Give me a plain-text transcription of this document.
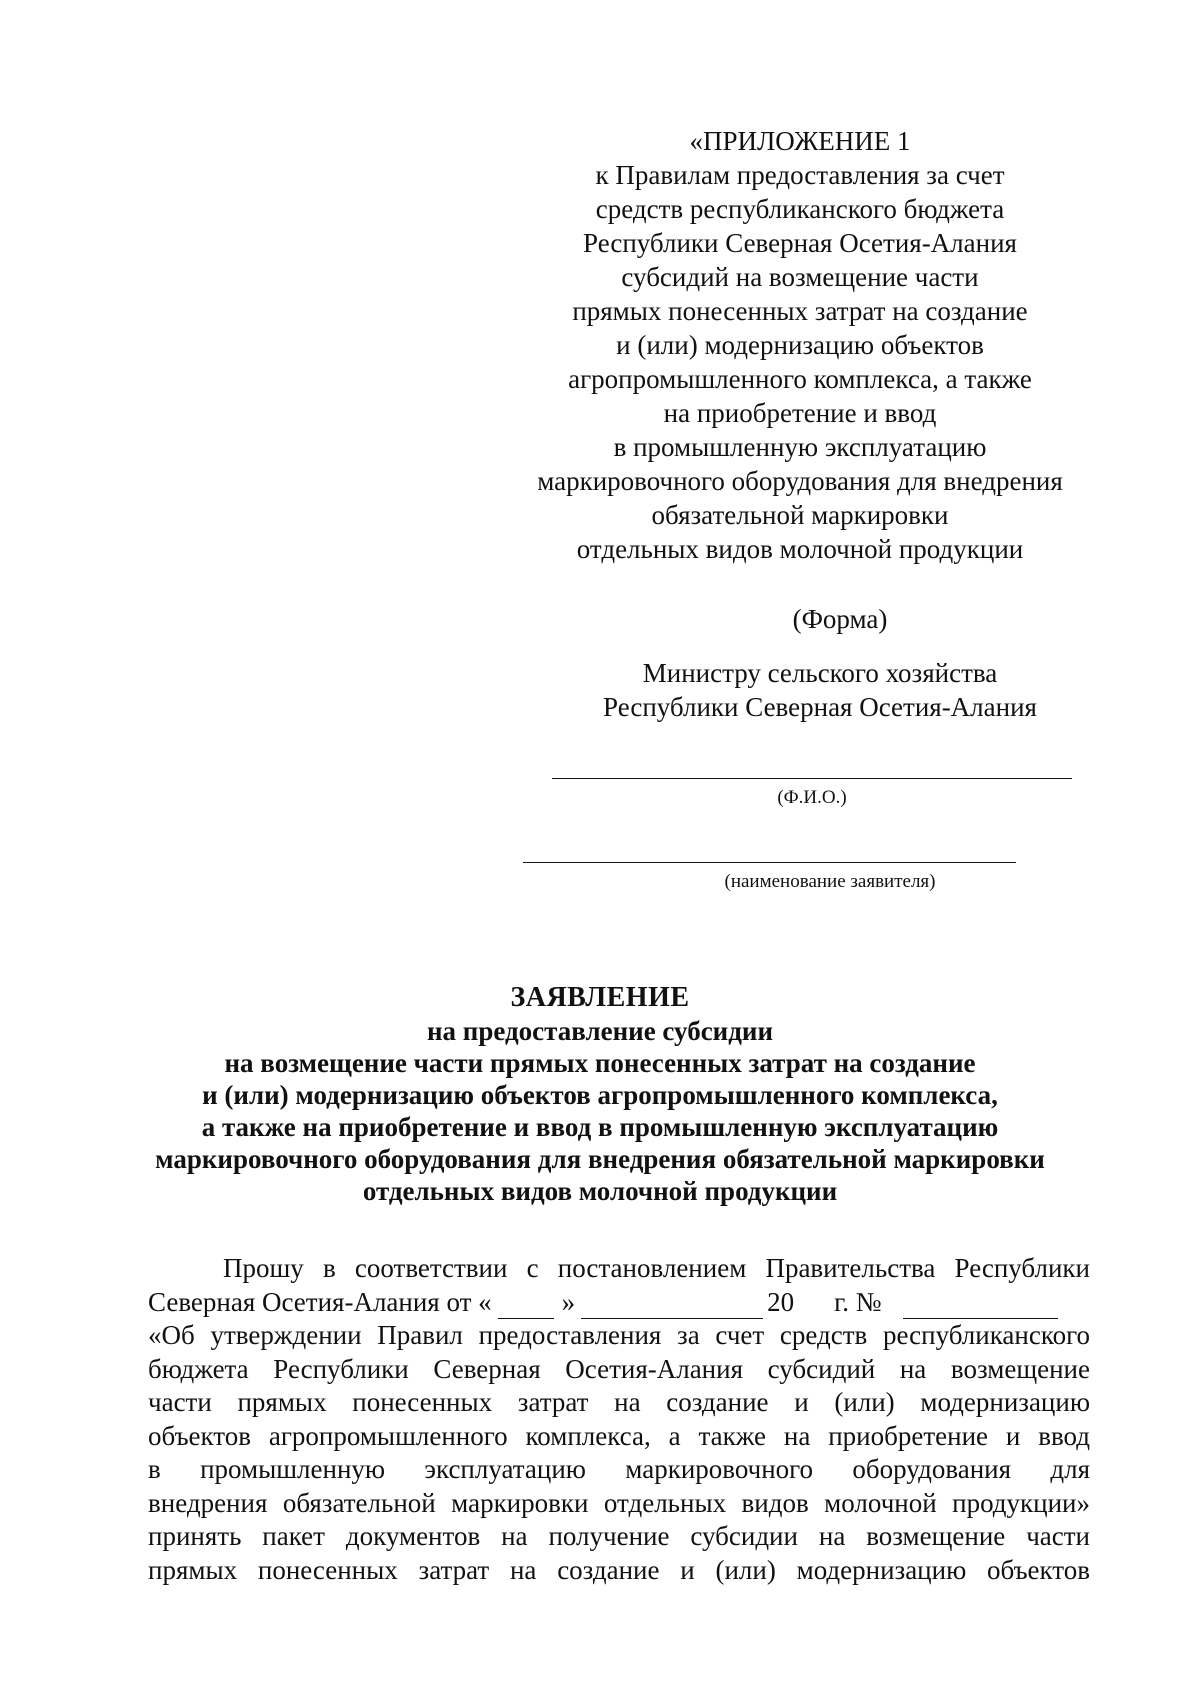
«ПРИЛОЖЕНИЕ 1
к Правилам предоставления за счет
средств республиканского бюджета
Республики Северная Осетия-Алания
субсидий на возмещение части
прямых понесенных затрат на создание
и (или) модернизацию объектов
агропромышленного комплекса, а также
на приобретение и ввод
в промышленную эксплуатацию
маркировочного оборудования для внедрения
обязательной маркировки
отдельных видов молочной продукции
(Форма)
Министру сельского хозяйства
Республики Северная Осетия-Алания
(Ф.И.О.)
(наименование заявителя)
ЗАЯВЛЕНИЕ
на предоставление субсидии
на возмещение части прямых понесенных затрат на создание
и (или) модернизацию объектов агропромышленного комплекса,
а также на приобретение и ввод в промышленную эксплуатацию
маркировочного оборудования для внедрения обязательной маркировки
отдельных видов молочной продукции
Прошу в соответствии с постановлением Правительства Республики
Северная Осетия-Алания от «	»	20 г. №
«Об утверждении Правил предоставления за счет средств республиканского
бюджета Республики Северная Осетия-Алания субсидий на возмещение
части прямых понесенных затрат на создание и (или) модернизацию
объектов агропромышленного комплекса, а также на приобретение и ввод
в промышленную эксплуатацию маркировочного оборудования для
внедрения обязательной маркировки отдельных видов молочной продукции»
принять пакет документов на получение субсидии на возмещение части
прямых понесенных затрат на создание и (или) модернизацию объектов
